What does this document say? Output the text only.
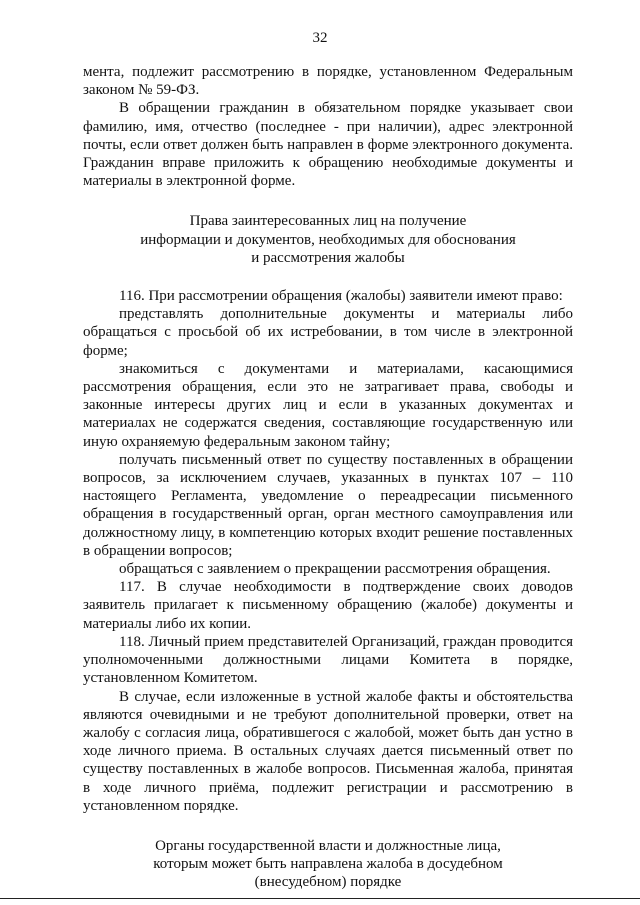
32

мента, подлежит рассмотрению в порядке, установленном Федеральным законом № 59-ФЗ.

В обращении гражданин в обязательном порядке указывает свои фамилию, имя, отчество (последнее - при наличии), адрес электронной почты, если ответ должен быть направлен в форме электронного документа. Гражданин вправе приложить к обращению необходимые документы и материалы в электронной форме.

Права заинтересованных лиц на получение
информации и документов, необходимых для обоснования
и рассмотрения жалобы

116. При рассмотрении обращения (жалобы) заявители имеют право:

представлять дополнительные документы и материалы либо обращаться с просьбой об их истребовании, в том числе в электронной форме;

знакомиться с документами и материалами, касающимися рассмотрения обращения, если это не затрагивает права, свободы и законные интересы других лиц и если в указанных документах и материалах не содержатся сведения, составляющие государственную или иную охраняемую федеральным законом тайну;

получать письменный ответ по существу поставленных в обращении вопросов, за исключением случаев, указанных в пунктах 107 – 110 настоящего Регламента, уведомление о переадресации письменного обращения в государственный орган, орган местного самоуправления или должностному лицу, в компетенцию которых входит решение поставленных в обращении вопросов;

обращаться с заявлением о прекращении рассмотрения обращения.

117. В случае необходимости в подтверждение своих доводов заявитель прилагает к письменному обращению (жалобе) документы и материалы либо их копии.

118. Личный прием представителей Организаций, граждан проводится уполномоченными должностными лицами Комитета в порядке, установленном Комитетом.

В случае, если изложенные в устной жалобе факты и обстоятельства являются очевидными и не требуют дополнительной проверки, ответ на жалобу с согласия лица, обратившегося с жалобой, может быть дан устно в ходе личного приема. В остальных случаях дается письменный ответ по существу поставленных в жалобе вопросов. Письменная жалоба, принятая в ходе личного приёма, подлежит регистрации и рассмотрению в установленном порядке.

Органы государственной власти и должностные лица,
которым может быть направлена жалоба в досудебном
(внесудебном) порядке
